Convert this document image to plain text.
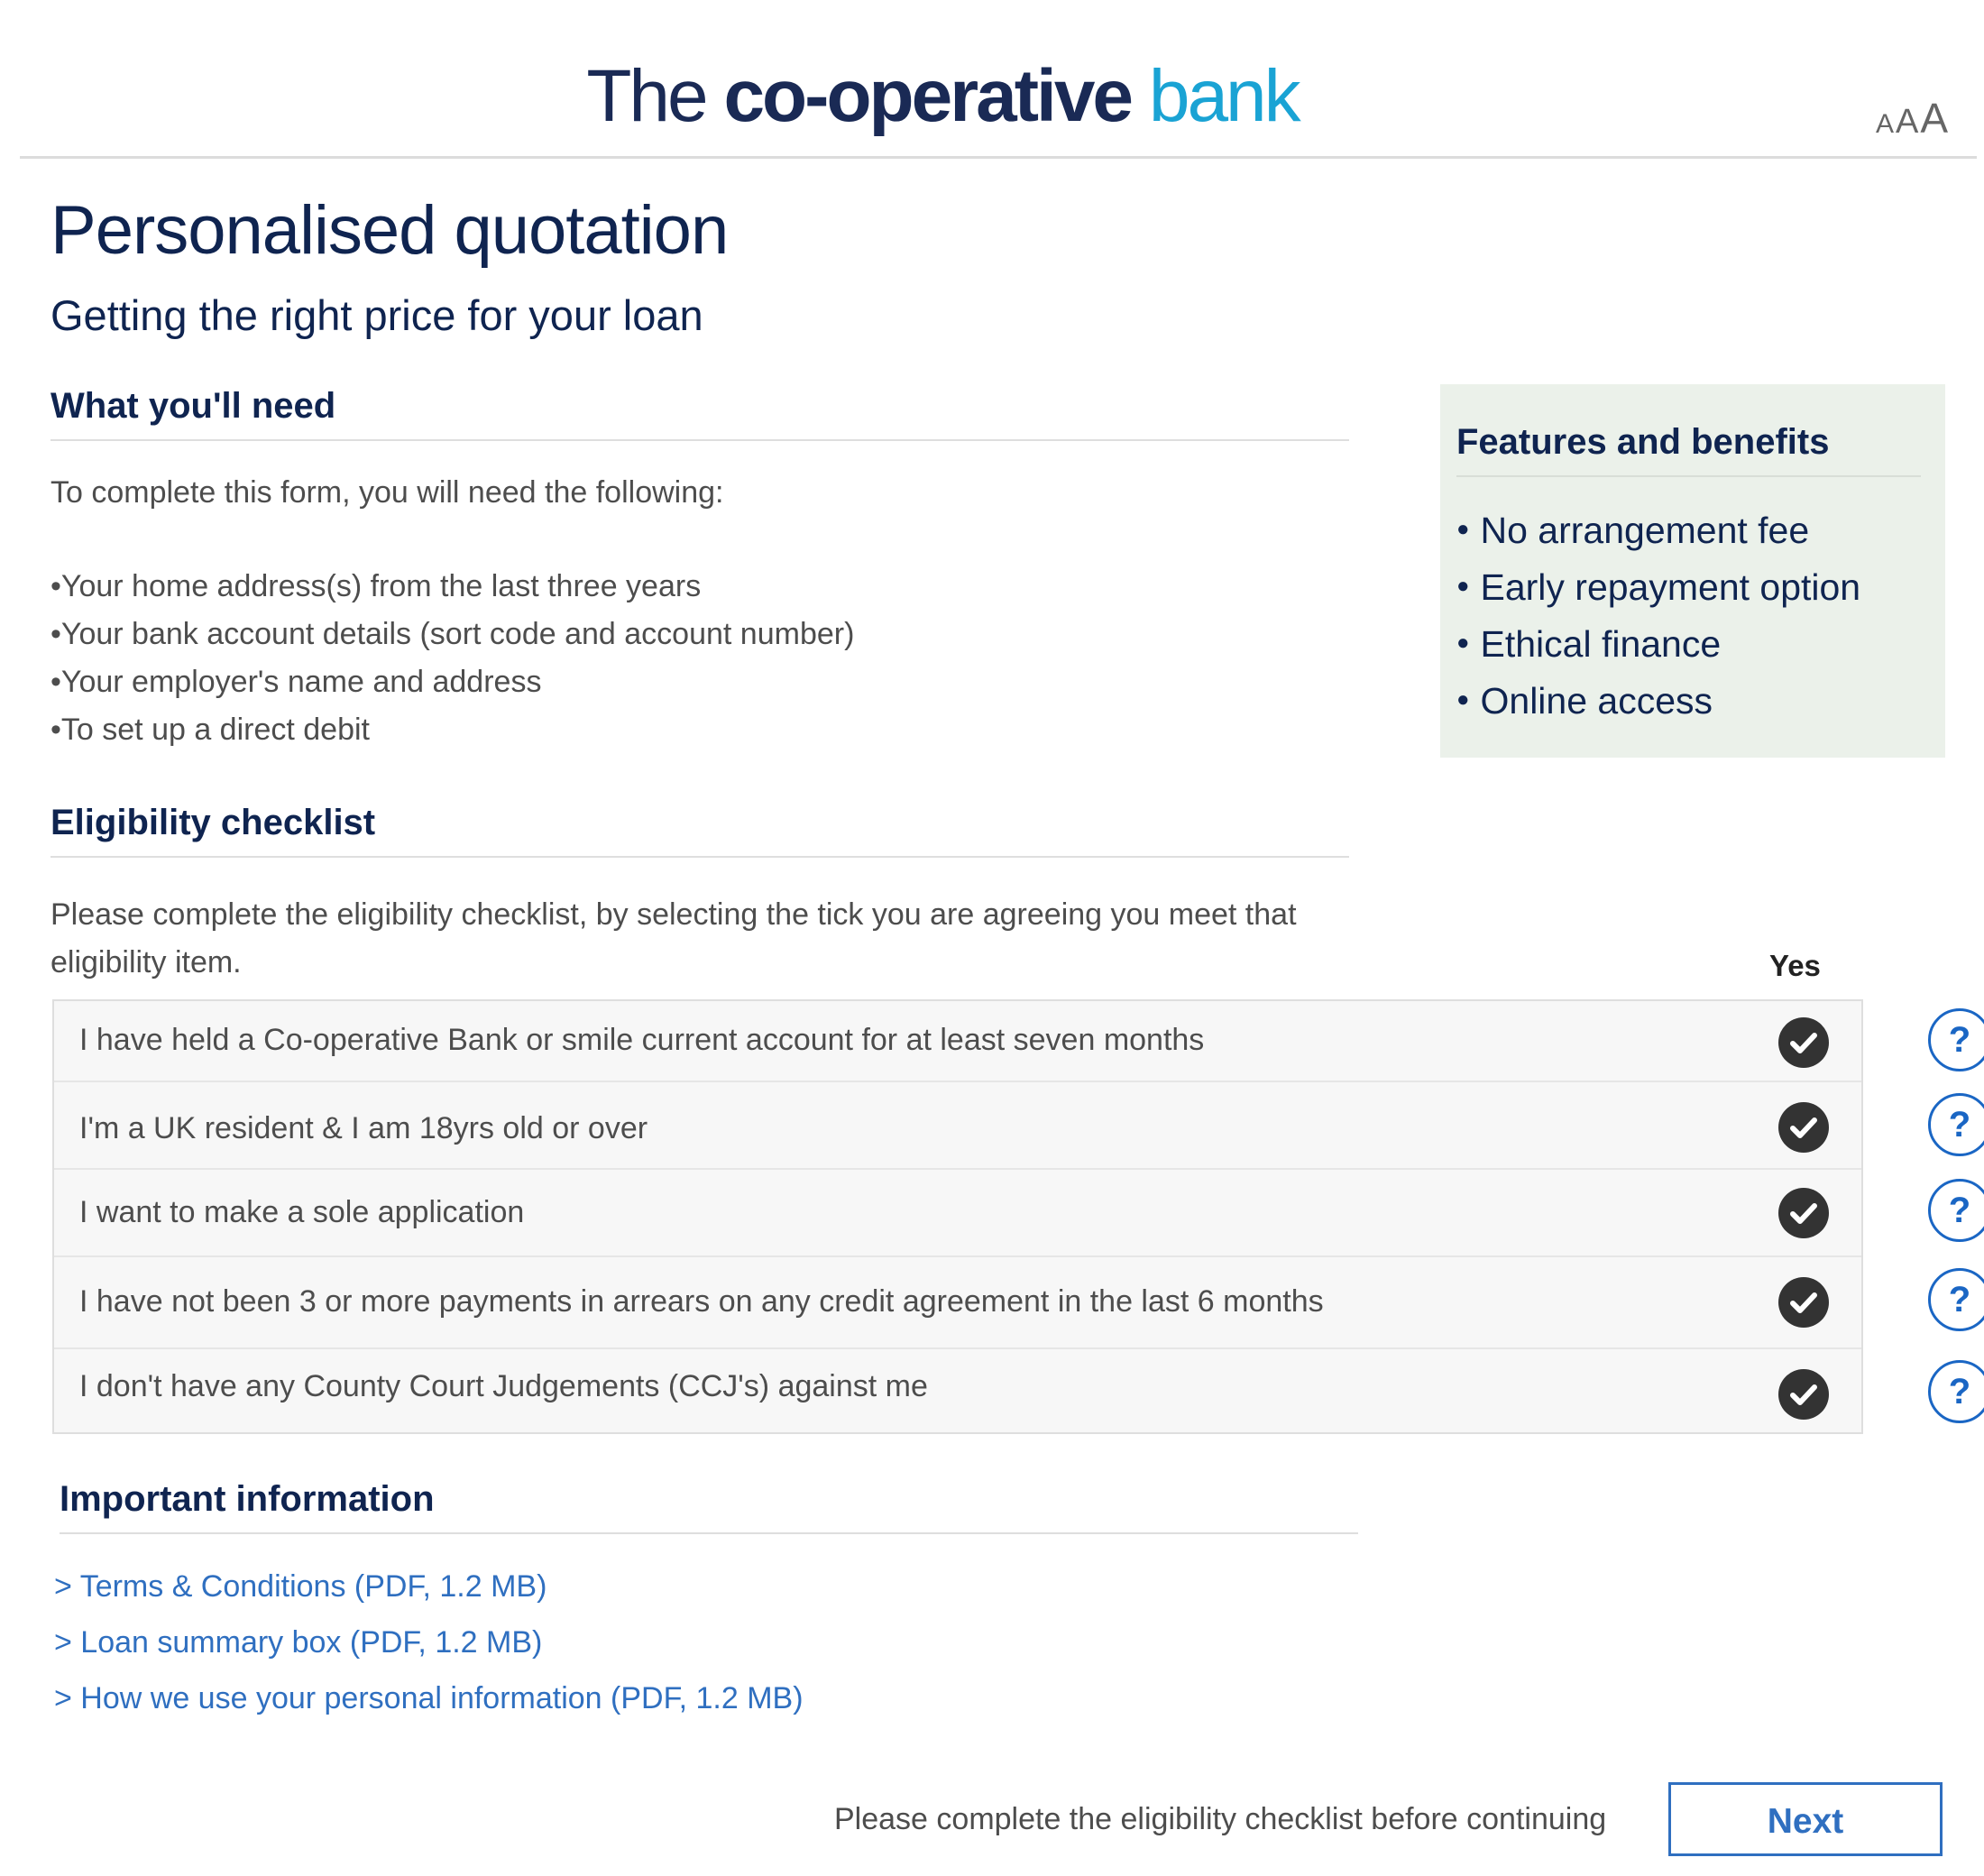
The co-operative bank	AAA
Personalised quotation
Getting the right price for your loan
What you'll need
To complete this form, you will need the following:
• Your home address(s) from the last three years
• Your bank account details (sort code and account number)
• Your employer's name and address
• To set up a direct debit
Features and benefits
● No arrangement fee
● Early repayment option
● Ethical finance
● Online access
Eligibility checklist
Please complete the eligibility checklist, by selecting the tick you are agreeing you meet that
eligibility item.	Yes
I have held a Co-operative Bank or smile current account for at least seven months	?
I'm a UK resident & I am 18yrs old or over	?
I want to make a sole application	?
I have not been 3 or more payments in arrears on any credit agreement in the last 6 months	?
I don't have any County Court Judgements (CCJ's) against me	?
Important information
> Terms & Conditions (PDF, 1.2 MB)
> Loan summary box (PDF, 1.2 MB)
> How we use your personal information (PDF, 1.2 MB)
Please complete the eligibility checklist before continuing	Next
